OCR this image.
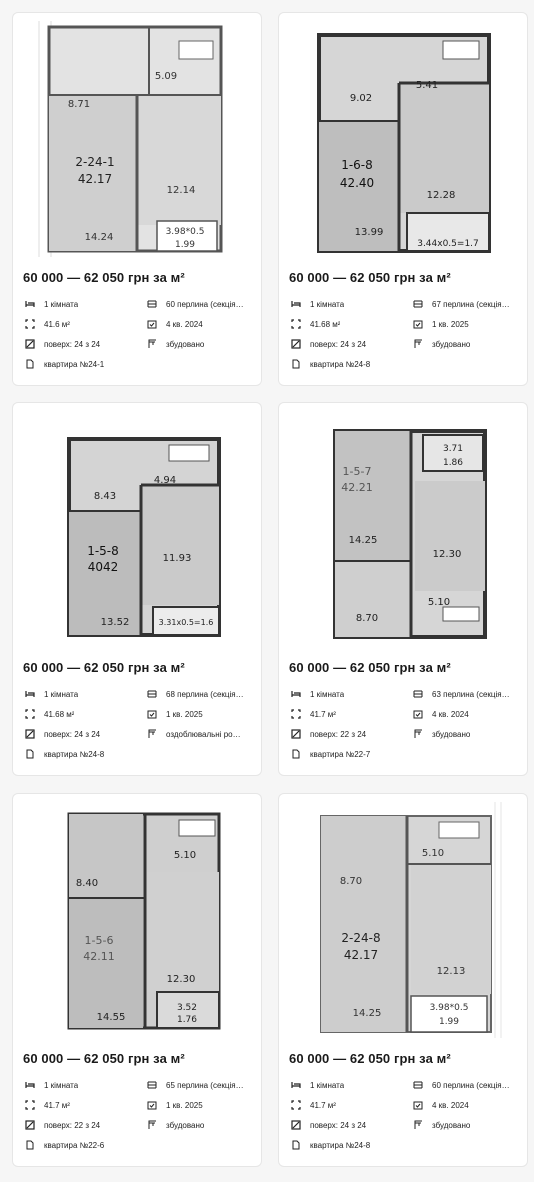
5.09
8.71
2-24-1
42.17
12.14
14.24	3.98*0.5
1.99
60 000 — 62 050 грн за м²
1 кімната	60 перлина (секція…
41.6 м²	4 кв. 2024
поверх: 24 з 24	збудовано
квартира №24-1
9.02
5.41
1-6-8
42.40
12.28
13.99
3.44x0.5=1.7
60 000 — 62 050 грн за м²
1 кімната	67 перлина (секція…
41.68 м²	1 кв. 2025
поверх: 24 з 24	збудовано
квартира №24-8
8.43
4.94
1-5-8
4042
11.93
13.52	3.31x0.5=1.6
60 000 — 62 050 грн за м²
1 кімната	68 перлина (секція…
41.68 м²	1 кв. 2025
поверх: 24 з 24	оздоблювальні ро…
квартира №24-8
3.71
1.86
1-5-7
42.21
14.25
12.30
8.70
5.10
60 000 — 62 050 грн за м²
1 кімната	63 перлина (секція…
41.7 м²	4 кв. 2024
поверх: 22 з 24	збудовано
квартира №22-7
5.10
8.40
1-5-6
42.11
12.30
14.55
3.52
1.76
60 000 — 62 050 грн за м²
1 кімната	65 перлина (секція…
41.7 м²	1 кв. 2025
поверх: 22 з 24	збудовано
квартира №22-6
5.10
8.70
2-24-8
42.17
12.13
14.25	3.98*0.5
1.99
60 000 — 62 050 грн за м²
1 кімната	60 перлина (секція…
41.7 м²	4 кв. 2024
поверх: 24 з 24	збудовано
квартира №24-8
